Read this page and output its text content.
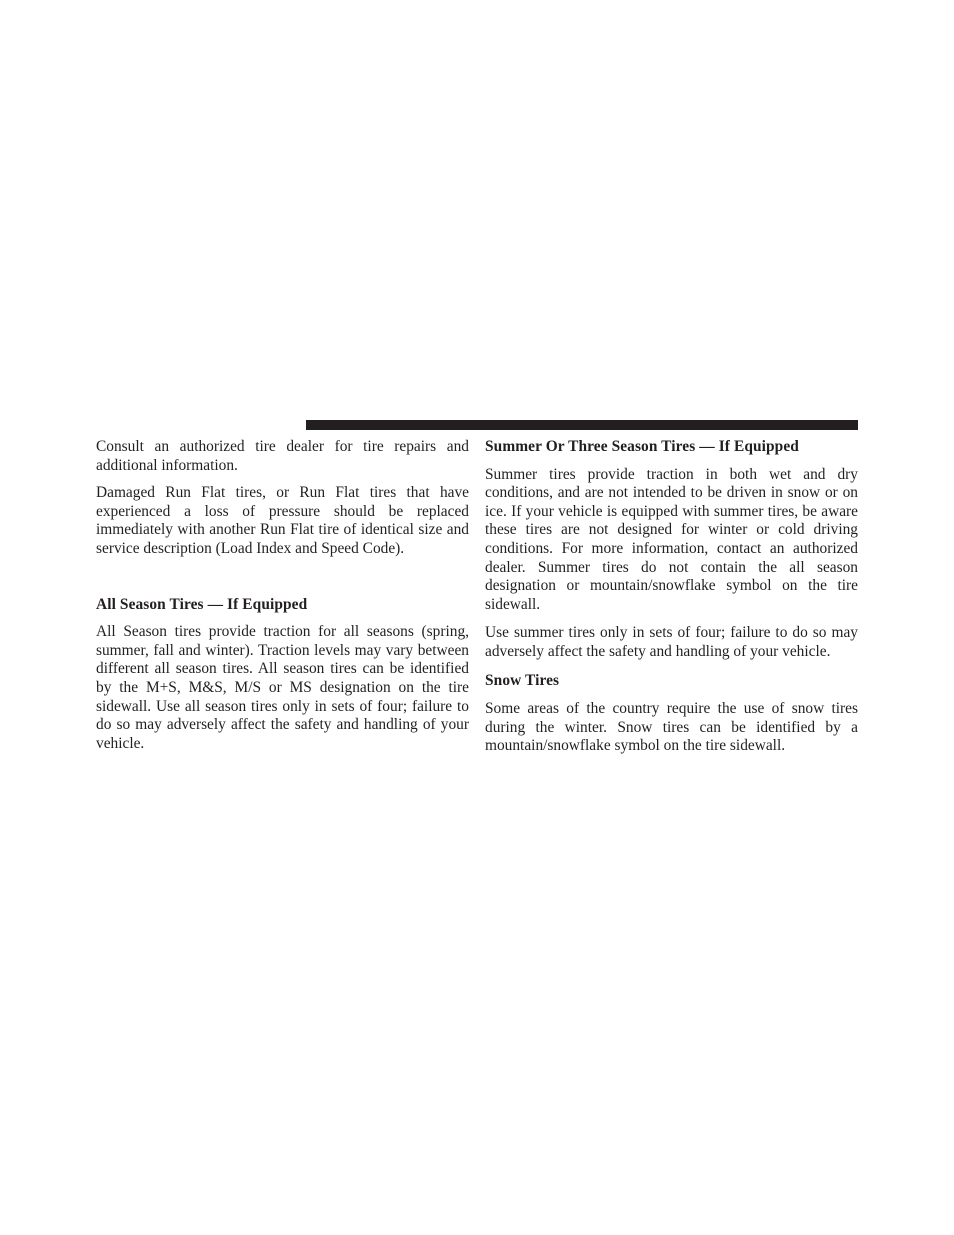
Consult an authorized tire dealer for tire repairs and additional information.

Damaged Run Flat tires, or Run Flat tires that have experienced a loss of pressure should be replaced immediately with another Run Flat tire of identical size and service description (Load Index and Speed Code).

All Season Tires — If Equipped

All Season tires provide traction for all seasons (spring, summer, fall and winter). Traction levels may vary between different all season tires. All season tires can be identified by the M+S, M&S, M/S or MS designation on the tire sidewall. Use all season tires only in sets of four; failure to do so may adversely affect the safety and handling of your vehicle.

Summer Or Three Season Tires — If Equipped

Summer tires provide traction in both wet and dry conditions, and are not intended to be driven in snow or on ice. If your vehicle is equipped with summer tires, be aware these tires are not designed for winter or cold driving conditions. For more information, contact an authorized dealer. Summer tires do not contain the all season designation or mountain/snowflake symbol on the tire sidewall.

Use summer tires only in sets of four; failure to do so may adversely affect the safety and handling of your vehicle.

Snow Tires

Some areas of the country require the use of snow tires during the winter. Snow tires can be identified by a mountain/snowflake symbol on the tire sidewall.
